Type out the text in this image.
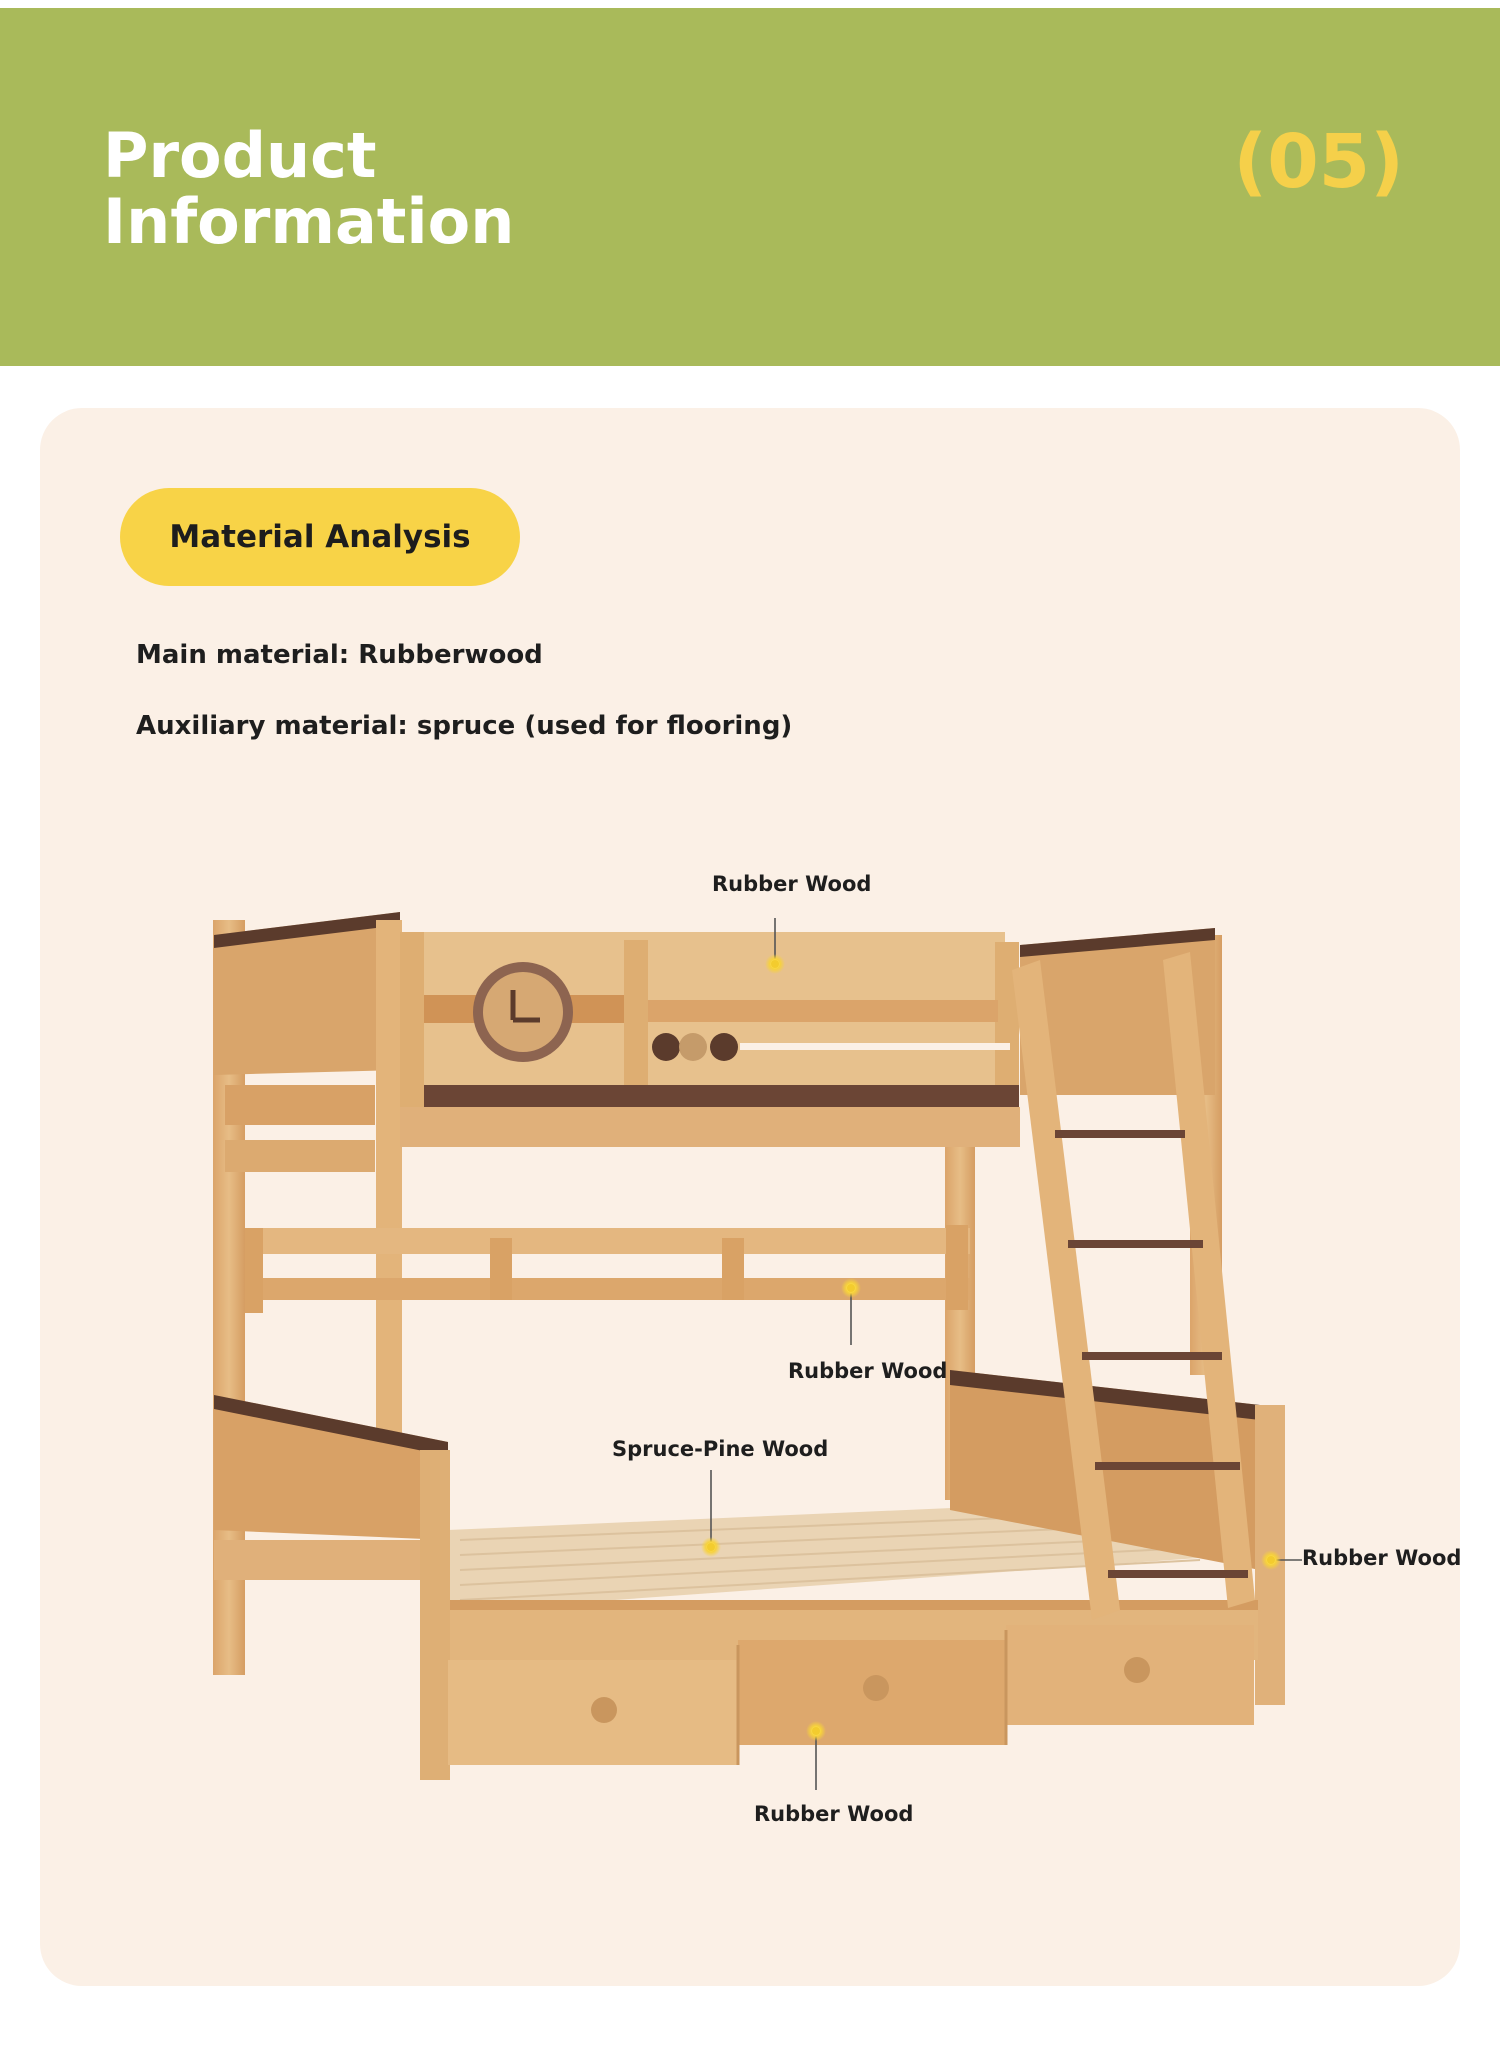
Product
Information
(05)
Material Analysis

Main material: Rubberwood

Auxiliary material: spruce (used for flooring)

Rubber Wood
Rubber Wood
Spruce-Pine Wood
Rubber Wood
Rubber Wood
